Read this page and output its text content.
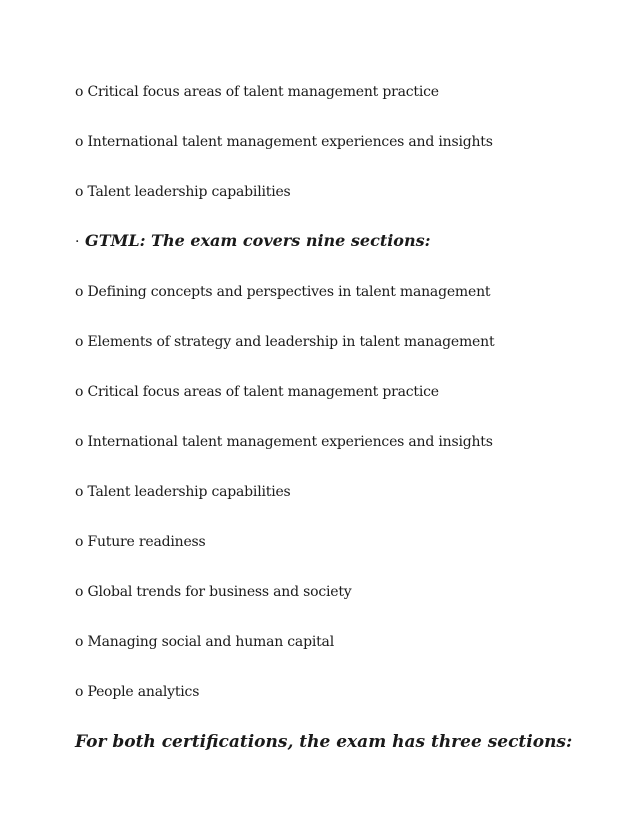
o Critical focus areas of talent management practice
o International talent management experiences and insights
o Talent leadership capabilities
· GTML: The exam covers nine sections:
o Defining concepts and perspectives in talent management
o Elements of strategy and leadership in talent management
o Critical focus areas of talent management practice
o International talent management experiences and insights
o Talent leadership capabilities
o Future readiness
o Global trends for business and society
o Managing social and human capital
o People analytics
For both certifications, the exam has three sections:
